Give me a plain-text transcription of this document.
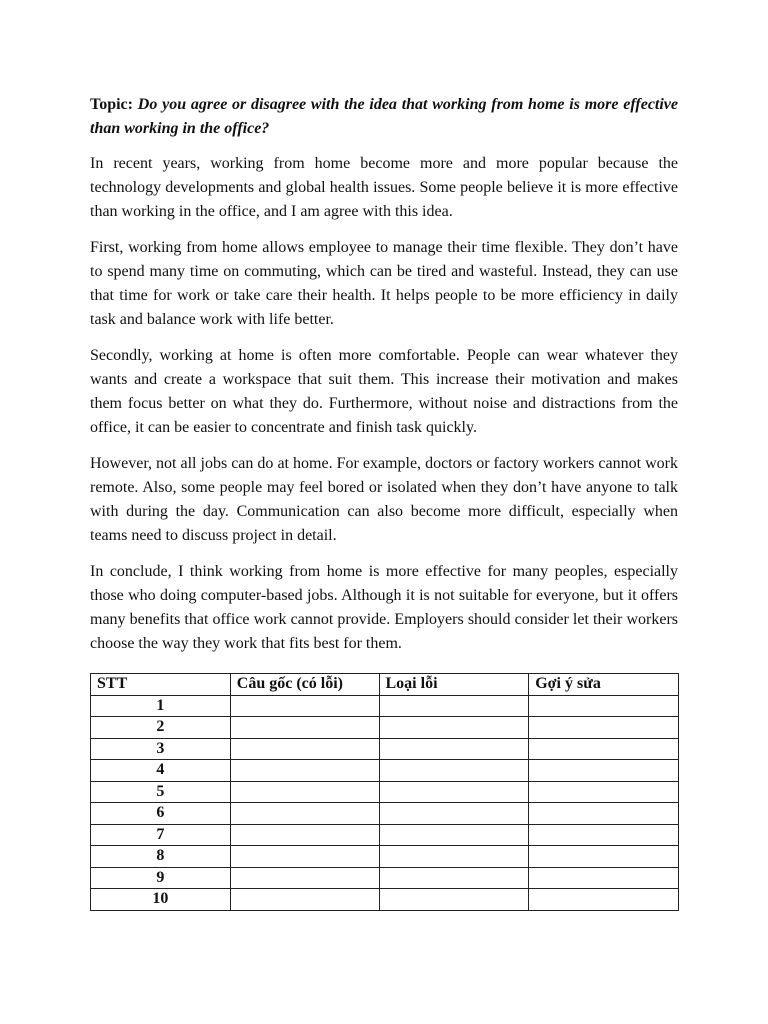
Topic: Do you agree or disagree with the idea that working from home is more effective than working in the office?

In recent years, working from home become more and more popular because the technology developments and global health issues. Some people believe it is more effective than working in the office, and I am agree with this idea.

First, working from home allows employee to manage their time flexible. They don’t have to spend many time on commuting, which can be tired and wasteful. Instead, they can use that time for work or take care their health. It helps people to be more efficiency in daily task and balance work with life better.

Secondly, working at home is often more comfortable. People can wear whatever they wants and create a workspace that suit them. This increase their motivation and makes them focus better on what they do. Furthermore, without noise and distractions from the office, it can be easier to concentrate and finish task quickly.

However, not all jobs can do at home. For example, doctors or factory workers cannot work remote. Also, some people may feel bored or isolated when they don’t have anyone to talk with during the day. Communication can also become more difficult, especially when teams need to discuss project in detail.

In conclude, I think working from home is more effective for many peoples, especially those who doing computer-based jobs. Although it is not suitable for everyone, but it offers many benefits that office work cannot provide. Employers should consider let their workers choose the way they work that fits best for them.

STT	Câu gốc (có lỗi)	Loại lỗi	Gợi ý sửa
1			
2			
3			
4			
5			
6			
7			
8			
9			
10			
